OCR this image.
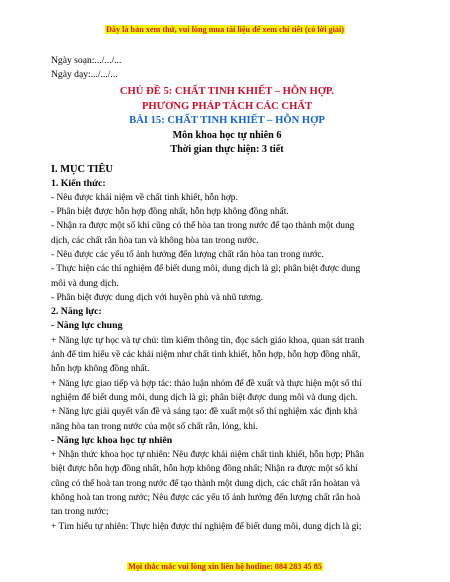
Đây là bản xem thử, vui lòng mua tài liệu để xem chi tiết (có lời giải)
Ngày soạn:.../.../...
Ngày dạy:.../.../...
CHỦ ĐỀ 5: CHẤT TINH KHIẾT – HỖN HỢP.
PHƯƠNG PHÁP TÁCH CÁC CHẤT
BÀI 15: CHẤT TINH KHIẾT – HỖN HỢP
Môn khoa học tự nhiên 6
Thời gian thực hiện: 3 tiết
I. MỤC TIÊU
1. Kiến thức:
- Nêu được khái niệm về chất tinh khiết, hỗn hợp.
- Phân biệt được hỗn hợp đồng nhất, hỗn hợp không đồng nhất.
- Nhận ra được một số khí cũng có thể hòa tan trong nước để tạo thành một dung
dịch, các chất rắn hòa tan và không hòa tan trong nước.
- Nêu được các yếu tố ảnh hưởng đến lượng chất rắn hòa tan trong nước.
- Thực hiện các thí nghiệm để biết dung môi, dung dịch là gì; phân biệt được dung
môi và dung dịch.
- Phân biệt được dung dịch với huyền phù và nhũ tương.
2. Năng lực:
- Năng lực chung
+ Năng lực tự học và tự chủ: tìm kiếm thông tin, đọc sách giáo khoa, quan sát tranh
ảnh để tìm hiểu về các khái niệm như chất tinh khiết, hỗn hợp, hỗn hợp đồng nhất,
hỗn hợp không đồng nhất.
+ Năng lực giao tiếp và hợp tác: thảo luận nhóm để đề xuất và thực hiện một số thí
nghiệm để biết dung môi, dung dịch là gì; phân biệt được dung môi và dung dịch.
+ Năng lực giải quyết vấn đề và sáng tạo: đề xuất một số thí nghiệm xác định khả
năng hòa tan trong nước của một số chất rắn, lỏng, khí.
- Năng lực khoa học tự nhiên
+ Nhận thức khoa học tự nhiên: Nêu được khái niệm chất tinh khiết, hỗn hợp; Phân
biệt được hỗn hợp đồng nhất, hỗn hợp không đồng nhất; Nhận ra được một số khí
cũng có thể hoà tan trong nước để tạo thành một dung dịch, các chất rắn hoàtan và
không hoà tan trong nước; Nêu được các yếu tố ảnh hưởng đến lượng chất rắn hoà
tan trong nước;
+ Tìm hiểu tự nhiên: Thực hiện được thí nghiệm để biết dung môi, dung dịch là gì;
Mọi thắc mắc vui lòng xin liên hệ hotline: 084 283 45 85
